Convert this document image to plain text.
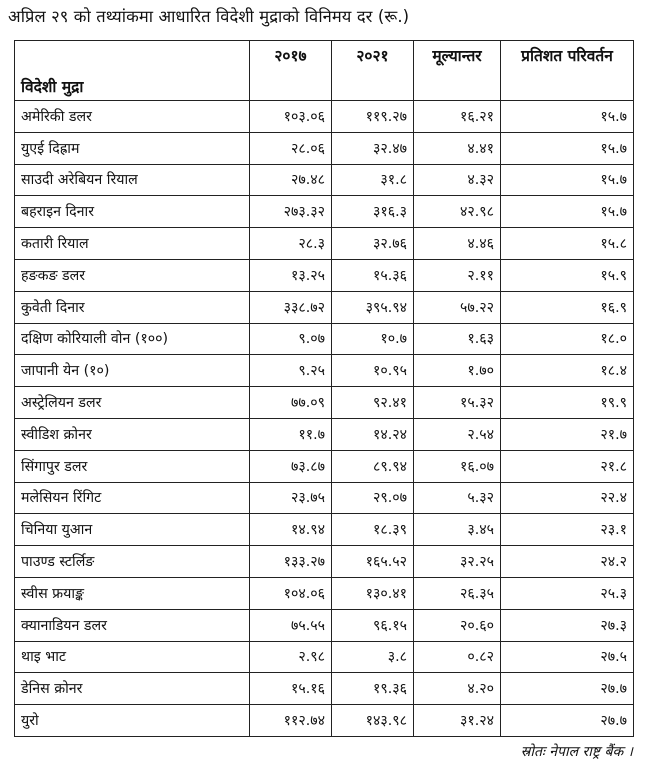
अप्रिल २९ को तथ्यांकमा आधारित विदेशी मुद्राको विनिमय दर (रू.)
विदेशी मुद्रा	२०१७	२०२१	मूल्यान्तर	प्रतिशत परिवर्तन
अमेरिकी डलर	१०३.०६	११९.२७	१६.२१	१५.७
युएई दिह्राम	२८.०६	३२.४७	४.४१	१५.७
साउदी अरेबियन रियाल	२७.४८	३१.८	४.३२	१५.७
बहराइन दिनार	२७३.३२	३१६.३	४२.९८	१५.७
कतारी रियाल	२८.३	३२.७६	४.४६	१५.८
हङकङ डलर	१३.२५	१५.३६	२.११	१५.९
कुवेती दिनार	३३८.७२	३९५.९४	५७.२२	१६.९
दक्षिण कोरियाली वोन (१००)	९.०७	१०.७	१.६३	१८.०
जापानी येन (१०)	९.२५	१०.९५	१.७०	१८.४
अस्ट्रेलियन डलर	७७.०९	९२.४१	१५.३२	१९.९
स्वीडिश क्रोनर	११.७	१४.२४	२.५४	२१.७
सिंगापुर डलर	७३.८७	८९.९४	१६.०७	२१.८
मलेसियन रिंगिट	२३.७५	२९.०७	५.३२	२२.४
चिनिया युआन	१४.९४	१८.३९	३.४५	२३.१
पाउण्ड स्टर्लिङ	१३३.२७	१६५.५२	३२.२५	२४.२
स्वीस फ्रयाङ्क	१०४.०६	१३०.४१	२६.३५	२५.३
क्यानाडियन डलर	७५.५५	९६.१५	२०.६०	२७.३
थाइ भाट	२.९८	३.८	०.८२	२७.५
डेनिस क्रोनर	१५.१६	१९.३६	४.२०	२७.७
युरो	११२.७४	१४३.९८	३१.२४	२७.७
स्रोतः नेपाल राष्ट्र बैंक ।
